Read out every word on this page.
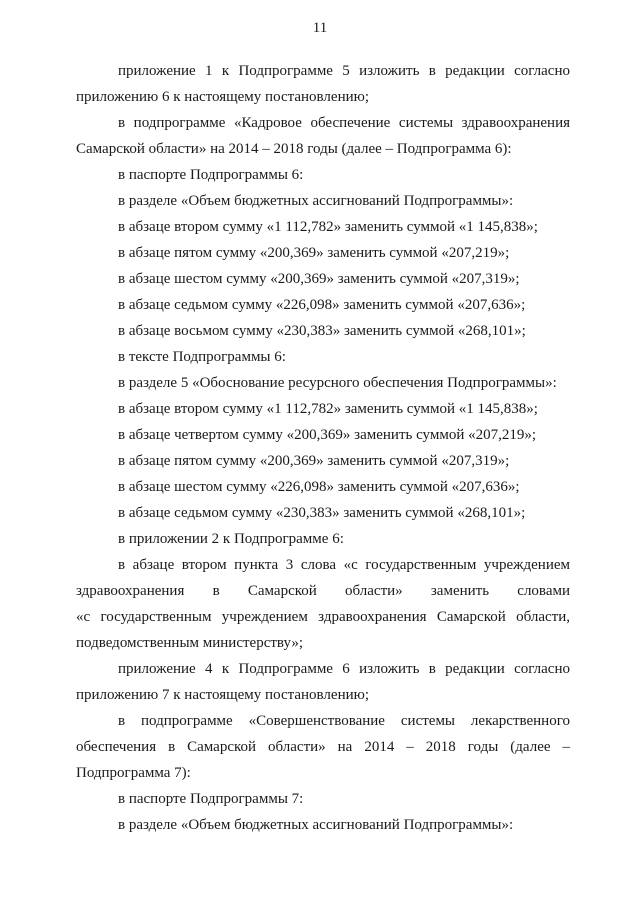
11

приложение 1 к Подпрограмме 5 изложить в редакции согласно

приложению 6 к настоящему постановлению;

в подпрограмме «Кадровое обеспечение системы здравоохранения

Самарской области» на 2014 – 2018 годы (далее – Подпрограмма 6):

в паспорте Подпрограммы 6:

в разделе «Объем бюджетных ассигнований Подпрограммы»:

в абзаце втором сумму «1 112,782» заменить суммой «1 145,838»;

в абзаце пятом сумму «200,369» заменить суммой «207,219»;

в абзаце шестом сумму «200,369» заменить суммой «207,319»;

в абзаце седьмом сумму «226,098» заменить суммой «207,636»;

в абзаце восьмом сумму «230,383» заменить суммой «268,101»;

в тексте Подпрограммы 6:

в разделе 5 «Обоснование ресурсного обеспечения Подпрограммы»:

в абзаце втором сумму «1 112,782» заменить суммой «1 145,838»;

в абзаце четвертом сумму «200,369» заменить суммой «207,219»;

в абзаце пятом сумму «200,369» заменить суммой «207,319»;

в абзаце шестом сумму «226,098» заменить суммой «207,636»;

в абзаце седьмом сумму «230,383» заменить суммой «268,101»;

в приложении 2 к Подпрограмме 6:

в абзаце втором пункта 3 слова «с государственным учреждением

здравоохранения в Самарской области» заменить словами

«с государственным учреждением здравоохранения Самарской области,

подведомственным министерству»;

приложение 4 к Подпрограмме 6 изложить в редакции согласно

приложению 7 к настоящему постановлению;

в подпрограмме «Совершенствование системы лекарственного

обеспечения в Самарской области» на 2014 – 2018 годы (далее –

Подпрограмма 7):

в паспорте Подпрограммы 7:

в разделе «Объем бюджетных ассигнований Подпрограммы»:
